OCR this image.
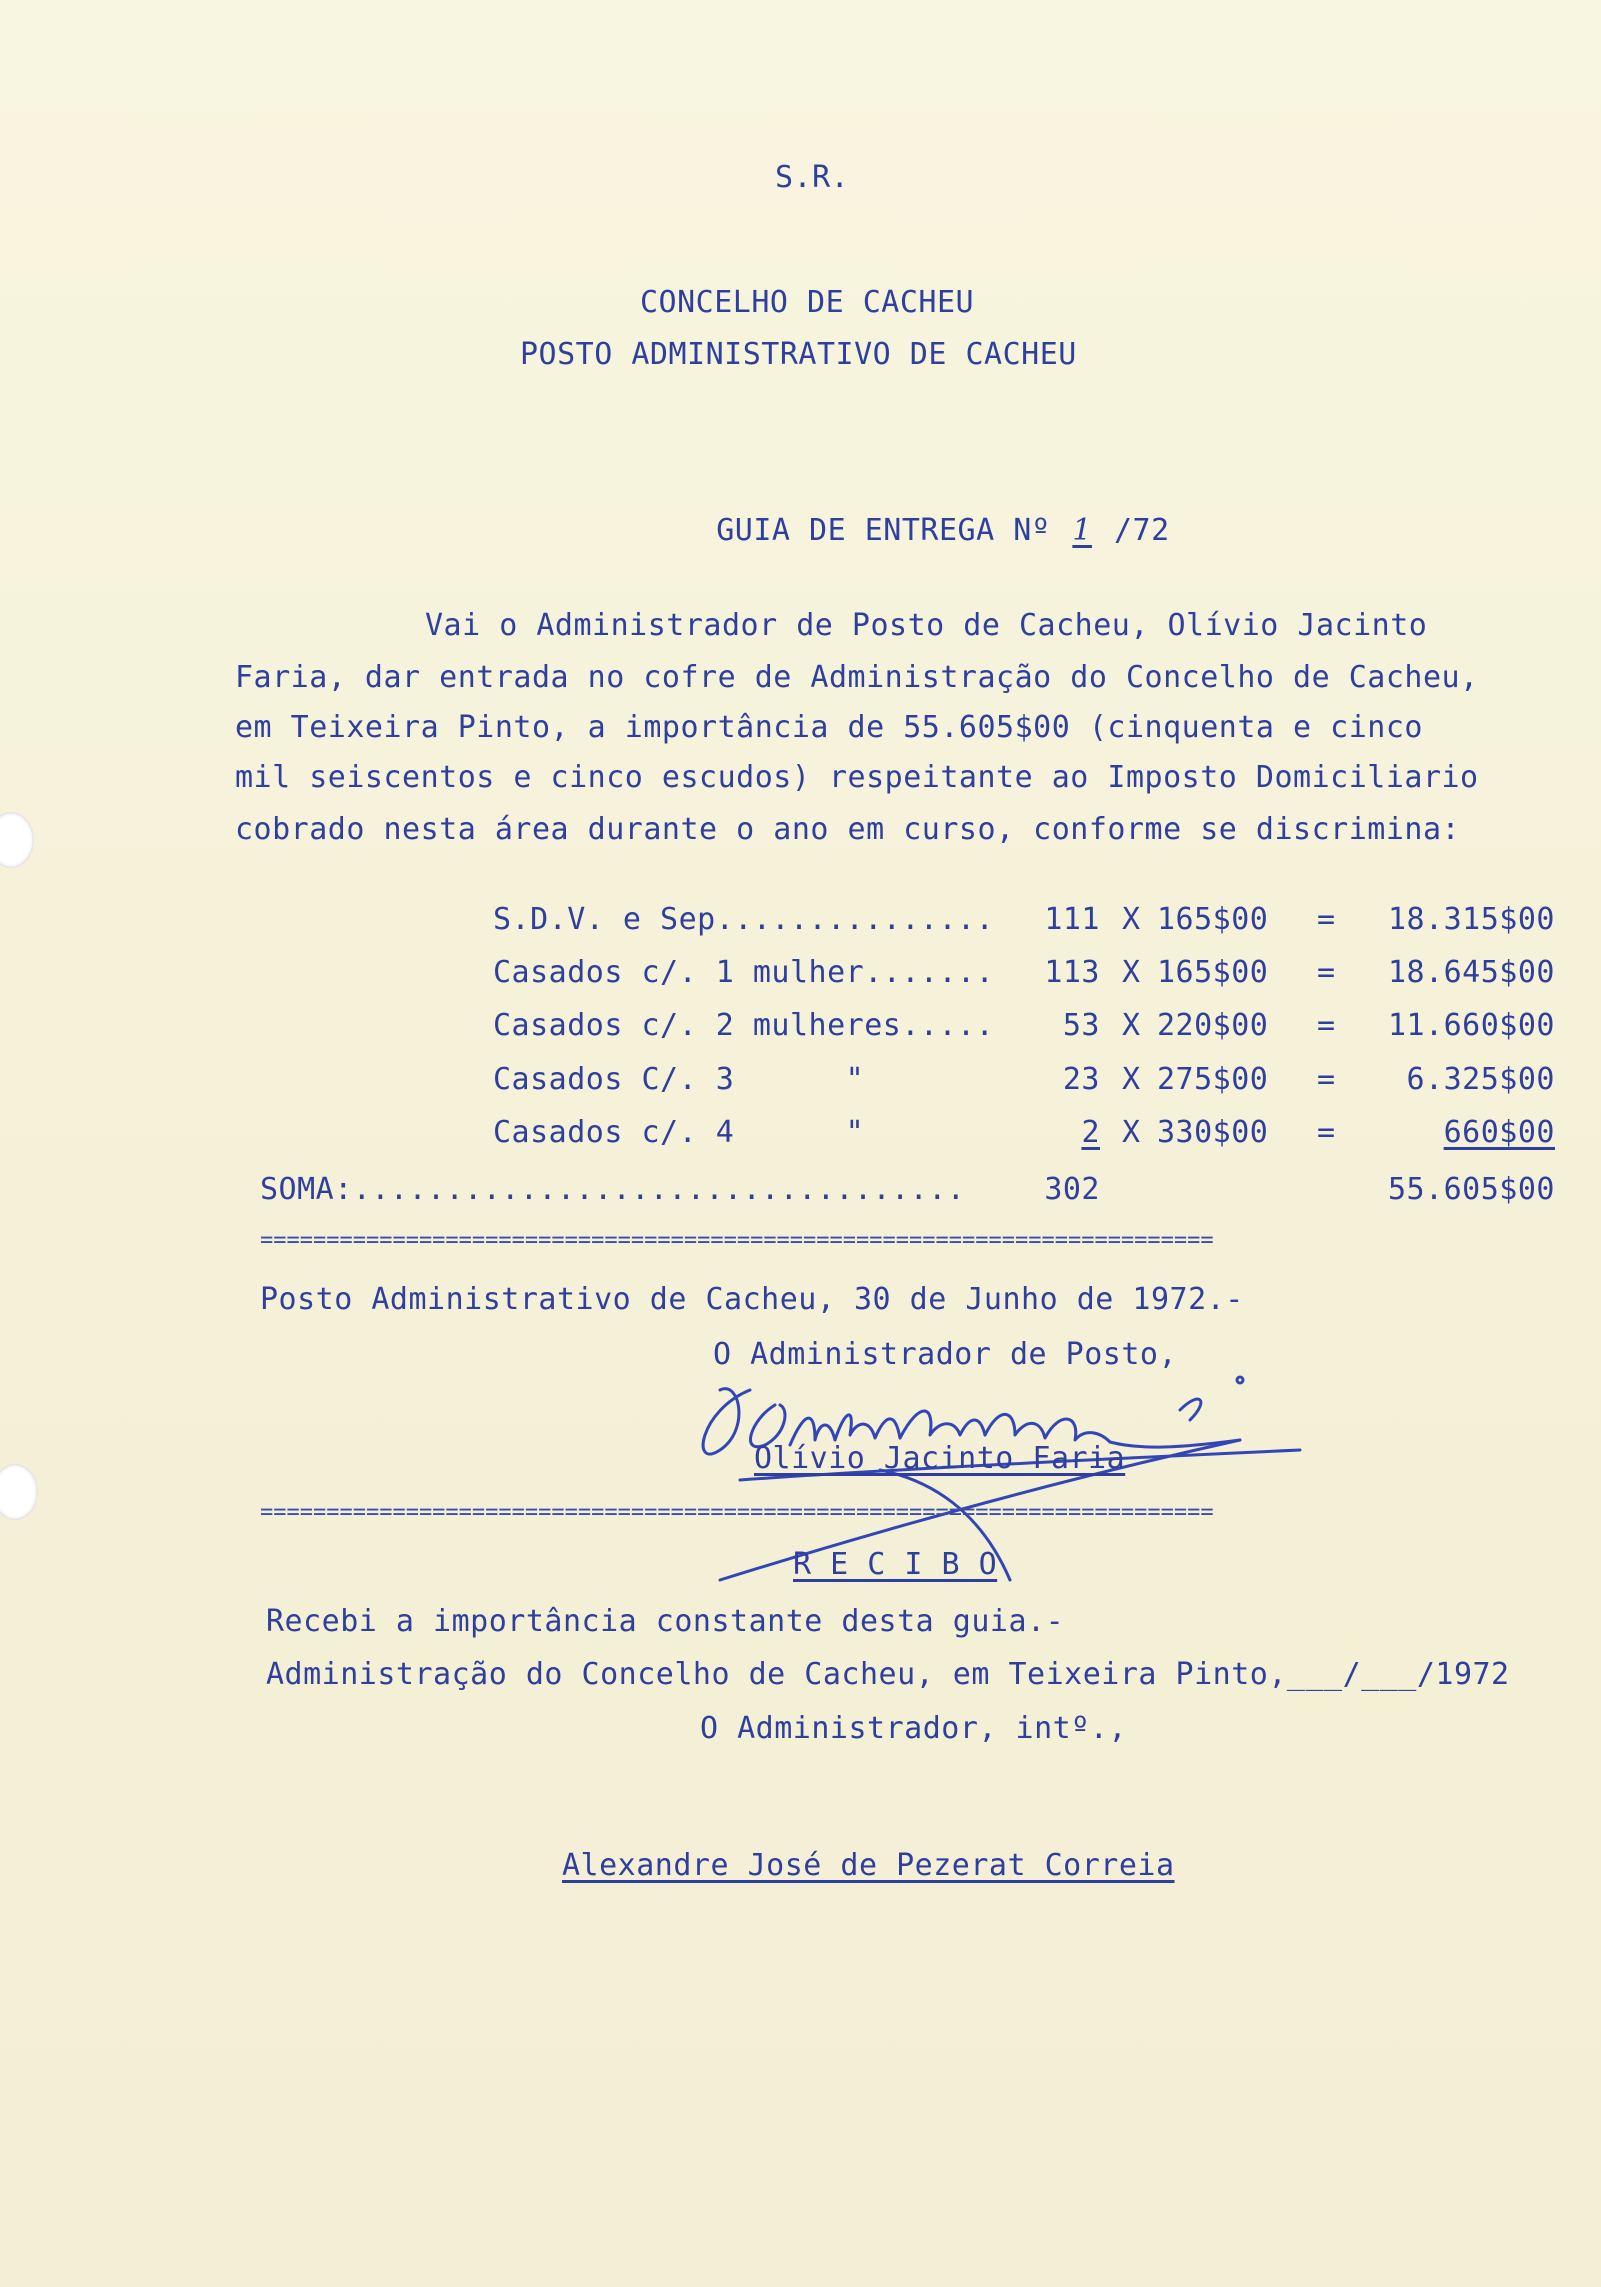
S.R.
CONCELHO DE CACHEU
POSTO ADMINISTRATIVO DE CACHEU

GUIA DE ENTREGA Nº 1 /72

Vai o Administrador de Posto de Cacheu, Olívio Jacinto
Faria, dar entrada no cofre de Administração do Concelho de Cacheu,
em Teixeira Pinto, a importância de 55.605$00 (cinquenta e cinco
mil seiscentos e cinco escudos) respeitante ao Imposto Domiciliario
cobrado nesta área durante o ano em curso, conforme se discrimina:
S.D.V. e Sep...............	111 X 165$00 =	18.315$00
Casados c/. 1 mulher.......	113 X 165$00 =	18.645$00
Casados c/. 2 mulheres.....	53 X 220$00 =	11.660$00
Casados C/. 3      "	23 X 275$00 =	6.325$00
Casados c/. 4      "	2 X 330$00 =	660$00
SOMA:.................................	302	55.605$00
========================================================================
Posto Administrativo de Cacheu, 30 de Junho de 1972.-
O Administrador de Posto,
Olívio Jacinto Faria
========================================================================
R E C I B O
Recebi a importância constante desta guia.-
Administração do Concelho de Cacheu, em Teixeira Pinto,___/___/1972
O Administrador, intº.,
Alexandre José de Pezerat Correia
